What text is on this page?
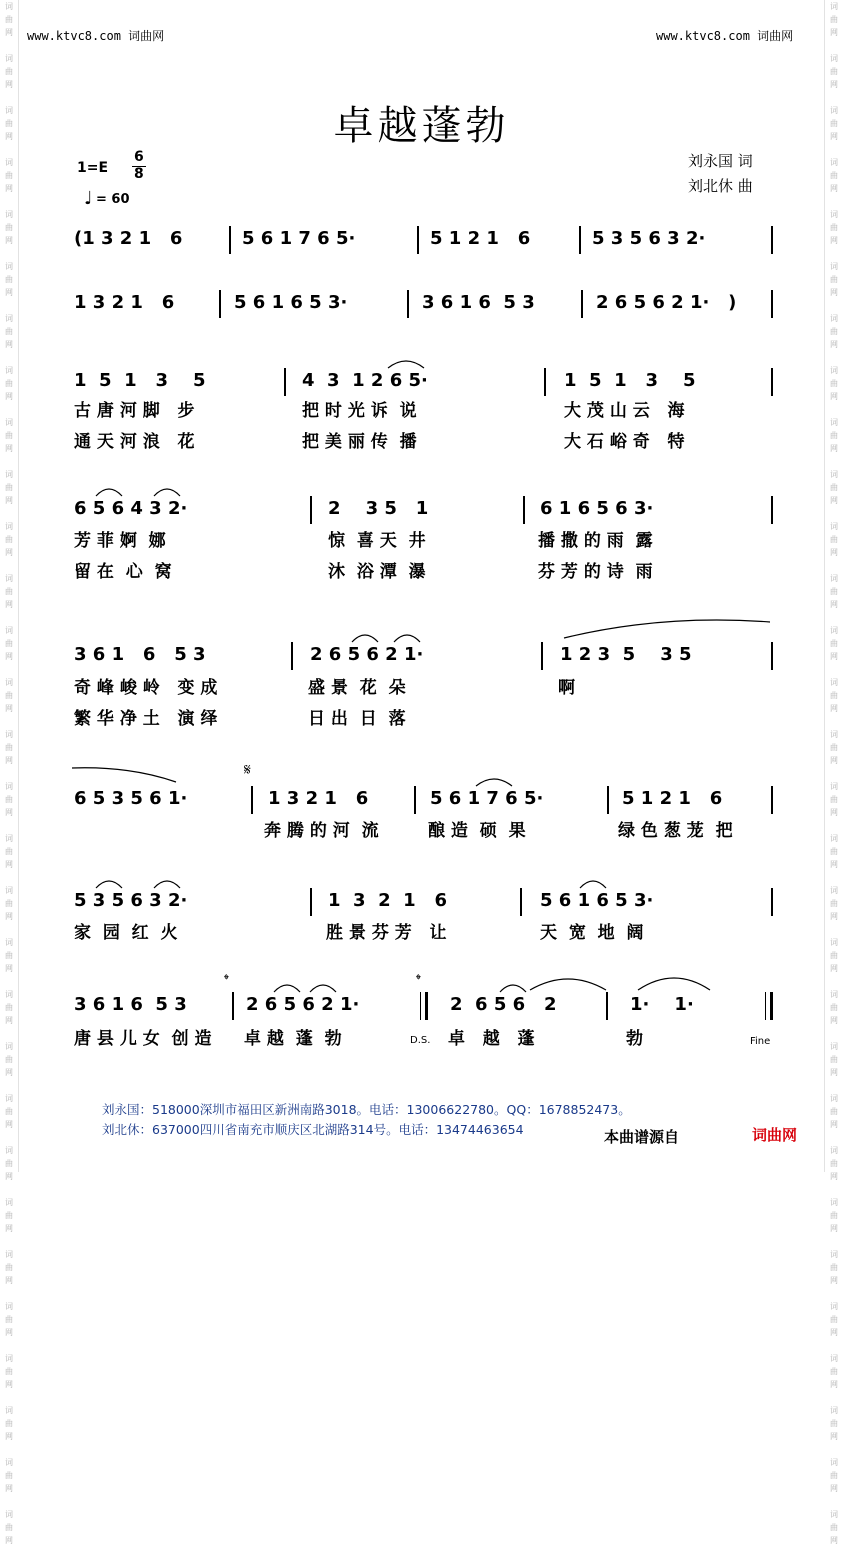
词
曲
网

词
曲
网

词
曲
网

词
曲
网

词
曲
网

词
曲
网

词
曲
网

词
曲
网

词
曲
网

词
曲
网

词
曲
网

词
曲
网

词
曲
网

词
曲
网

词
曲
网

词
曲
网

词
曲
网

词
曲
网

词
曲
网

词
曲
网

词
曲
网

词
曲
网

词
曲
网

词
曲
网

词
曲
网

词
曲
网

词
曲
网

词
曲
网

词
曲
网

词
曲
网

词
曲
网

词
曲
网

词
曲
网

词
曲
网

词
曲
网

词
曲
网

词
曲
网

词
曲
网

词
曲
网

词
曲
网

词
曲
网

词
曲
网

词
曲
网

词
曲
网

词
曲
网

词
曲
网

词
曲
网

词
曲
网

词
曲
网

词
曲
网

词
曲
网

词
曲
网

词
曲
网

词
曲
网

词
曲
网

词
曲
网

词
曲
网

词
曲
网

词
曲
网

词
曲
网

www.ktvc8.com 词曲网	www.ktvc8.com 词曲网
卓越蓬勃
1=E
6
8
♩ = 60
刘永国 词
刘北休 曲
(1 3 2 1   6	5 6 1 7 6 5·	5 1 2 1   6	5 3 5 6 3 2·
1 3 2 1   6	5 6 1 6 5 3·	3 6 1 6  5 3	2 6 5 6 2 1·   )
1  5  1   3    5	4  3  1 2 6 5·	1  5  1   3    5
古 唐 河 脚   步	把 时 光 诉  说	大 茂 山 云   海
通 天 河 浪   花	把 美 丽 传  播	大 石 峪 奇   特
6 5 6 4 3 2·	2    3 5   1	6 1 6 5 6 3·
芳 菲 婀  娜	惊  喜 天  井	播 撒 的 雨  露
留 在  心  窝	沐  浴 潭  瀑	芬 芳 的 诗  雨
3 6 1   6   5 3	2 6 5 6 2 1·	1 2 3  5    3 5
奇 峰 峻 岭   变 成	盛 景  花  朵	啊
繁 华 净 土   演 绎	日 出  日  落
𝄋
6 5 3 5 6 1·	1 3 2 1   6	5 6 1 7 6 5·	5 1 2 1   6
奔 腾 的 河  流	酿 造  硕  果	绿 色 葱 茏  把
5 3 5 6 3 2·	1  3  2  1   6	5 6 1 6 5 3·
家  园  红  火	胜 景 芬 芳   让	天  宽  地  阔
𝄌	𝄌
3 6 1 6  5 3	2 6 5 6 2 1·	2  6 5 6   2	1·    1·
唐 县 儿 女  创 造 卓 越  蓬  勃	D.S. 卓   越   蓬	勃	Fine
刘永国：518000深圳市福田区新洲南路3018。电话：13006622780。QQ：1678852473。
刘北休：637000四川省南充市顺庆区北湖路314号。电话：13474463654	本曲谱源自	词曲网
